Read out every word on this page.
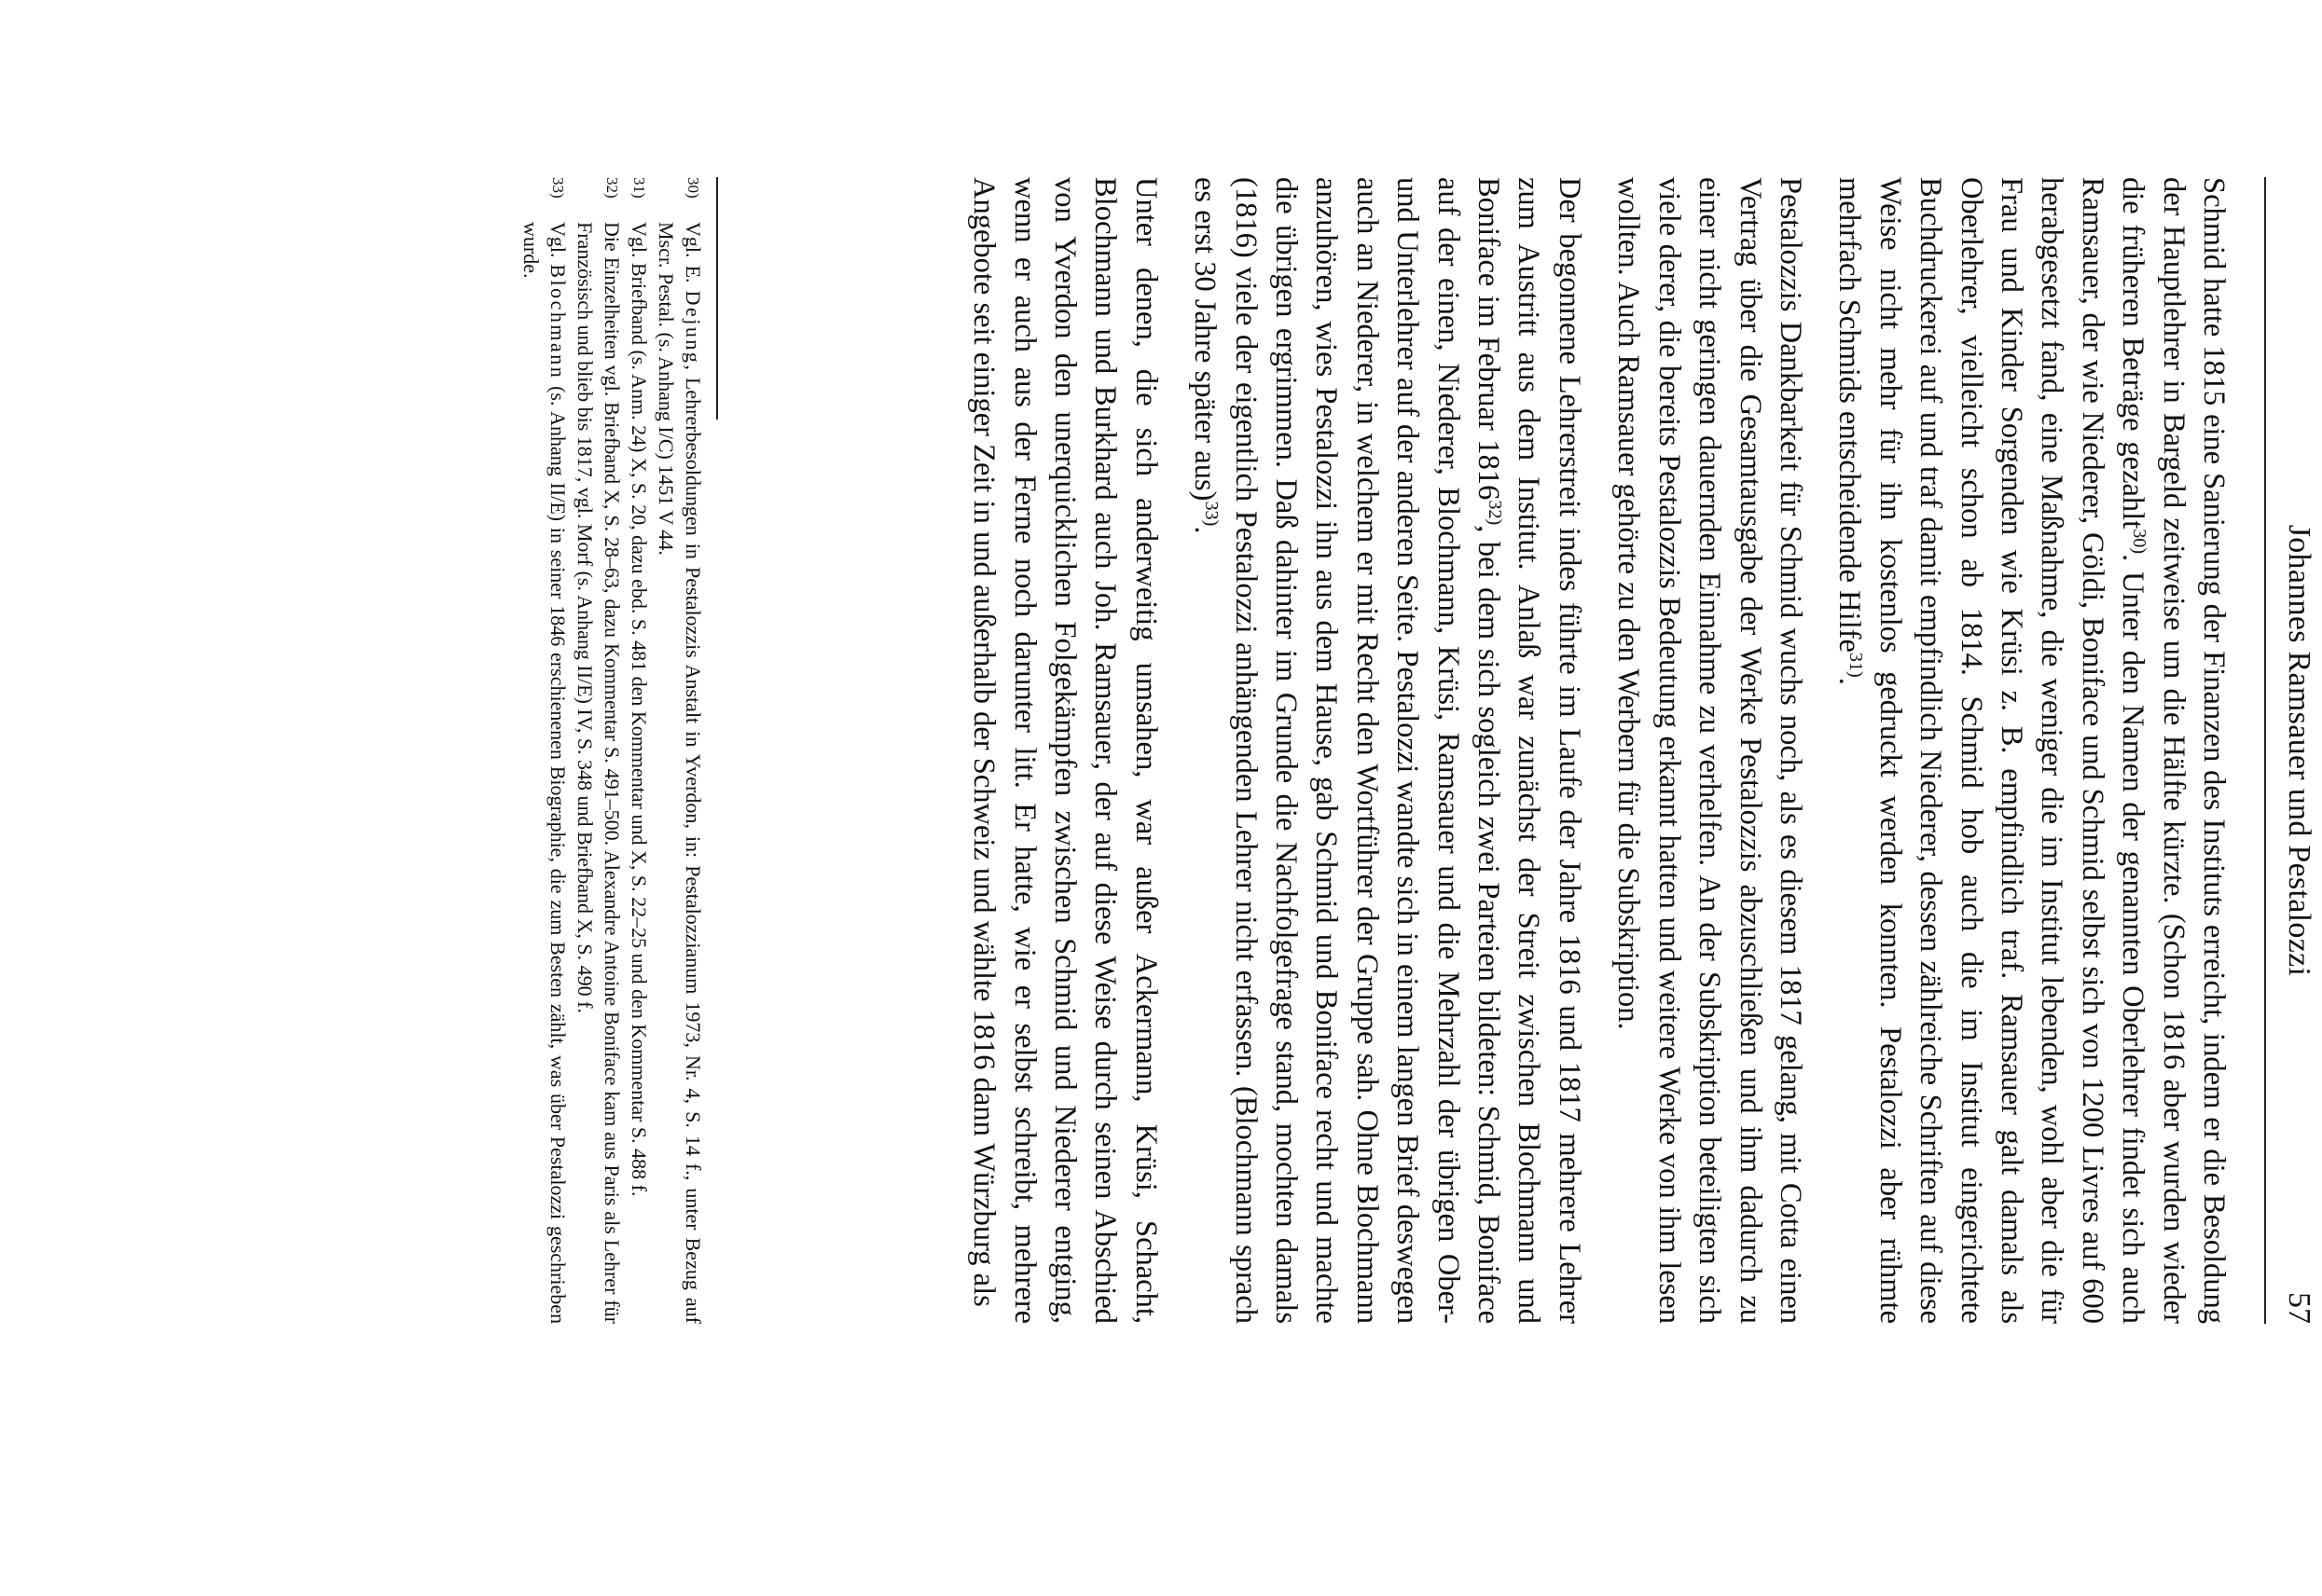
Johannes Ramsauer und Pestalozzi
57

Schmid hatte 1815 eine Sanierung der Finanzen des Instituts erreicht, indem er die Besoldung der Hauptlehrer in Bargeld zeitweise um die Hälfte kürzte. (Schon 1816 aber wurden wieder die früheren Beträge gezahlt$^{30)}$. Unter den Namen der genannten Oberlehrer findet sich auch Ramsauer, der wie Niederer, Göldi, Boniface und Schmid selbst sich von 1200 Livres auf 600 herabgesetzt fand, eine Maßnahme, die weniger die im Institut lebenden, wohl aber die für Frau und Kinder Sorgenden wie Krüsi z. B. empfindlich traf. Ramsauer galt damals als Oberlehrer, vielleicht schon ab 1814. Schmid hob auch die im Institut eingerichtete Buchdruckerei auf und traf damit empfindlich Niederer, dessen zählreiche Schriften auf diese Weise nicht mehr für ihn kostenlos gedruckt werden konnten. Pestalozzi aber rühmte mehrfach Schmids entscheidende Hilfe$^{31)}$.

Pestalozzis Dankbarkeit für Schmid wuchs noch, als es diesem 1817 gelang, mit Cotta einen Vertrag über die Gesamtausgabe der Werke Pestalozzis abzuschließen und ihm dadurch zu einer nicht geringen dauernden Einnahme zu verhelfen. An der Subskription beteiligten sich viele derer, die bereits Pestalozzis Bedeutung erkannt hatten und weitere Werke von ihm lesen wollten. Auch Ramsauer gehörte zu den Werbern für die Subskription.

Der begonnene Lehrerstreit indes führte im Laufe der Jahre 1816 und 1817 mehrere Lehrer zum Austritt aus dem Institut. Anlaß war zunächst der Streit zwischen Blochmann und Boniface im Februar 1816$^{32)}$, bei dem sich sogleich zwei Parteien bildeten: Schmid, Boniface auf der einen, Niederer, Blochmann, Krüsi, Ramsauer und die Mehrzahl der übrigen Ober- und Unterlehrer auf der anderen Seite. Pestalozzi wandte sich in einem langen Brief deswegen auch an Niederer, in welchem er mit Recht den Wortführer der Gruppe sah. Ohne Blochmann anzuhören, wies Pestalozzi ihn aus dem Hause, gab Schmid und Boniface recht und machte die übrigen ergrimmen. Daß dahinter im Grunde die Nachfolgefrage stand, mochten damals (1816) viele der eigentlich Pestalozzi anhängenden Lehrer nicht erfassen. (Blochmann sprach es erst 30 Jahre später aus)$^{33)}$.

Unter denen, die sich anderweitig umsahen, war außer Ackermann, Krüsi, Schacht, Blochmann und Burkhard auch Joh. Ramsauer, der auf diese Weise durch seinen Abschied von Yverdon den unerquicklichen Folgekämpfen zwischen Schmid und Niederer entging, wenn er auch aus der Ferne noch darunter litt. Er hatte, wie er selbst schreibt, mehrere Angebote seit einiger Zeit in und außerhalb der Schweiz und wählte 1816 dann Würzburg als

30)
Vgl. E. Dejung, Lehrerbesoldungen in Pestalozzis Anstalt in Yverdon, in: Pestalozzianum 1973, Nr. 4, S. 14 f., unter Bezug auf Mscr. Pestal. (s. Anhang I/C) 1451 V 44.
31)
Vgl. Briefband (s. Anm. 24) X, S. 20, dazu ebd. S. 481 den Kommentar und X, S. 22–25 und den Kommentar S. 488 f.
32)
Die Einzelheiten vgl. Briefband X, S. 28–63, dazu Kommentar S. 491–500. Alexandre Antoine Boniface kam aus Paris als Lehrer für Französisch und blieb bis 1817, vgl. Morf (s. Anhang II/E) IV, S. 348 und Briefband X, S. 490 f.
33)
Vgl. Blochmann (s. Anhang II/E) in seiner 1846 erschienenen Biographie, die zum Besten zählt, was über Pestalozzi geschrieben wurde.
